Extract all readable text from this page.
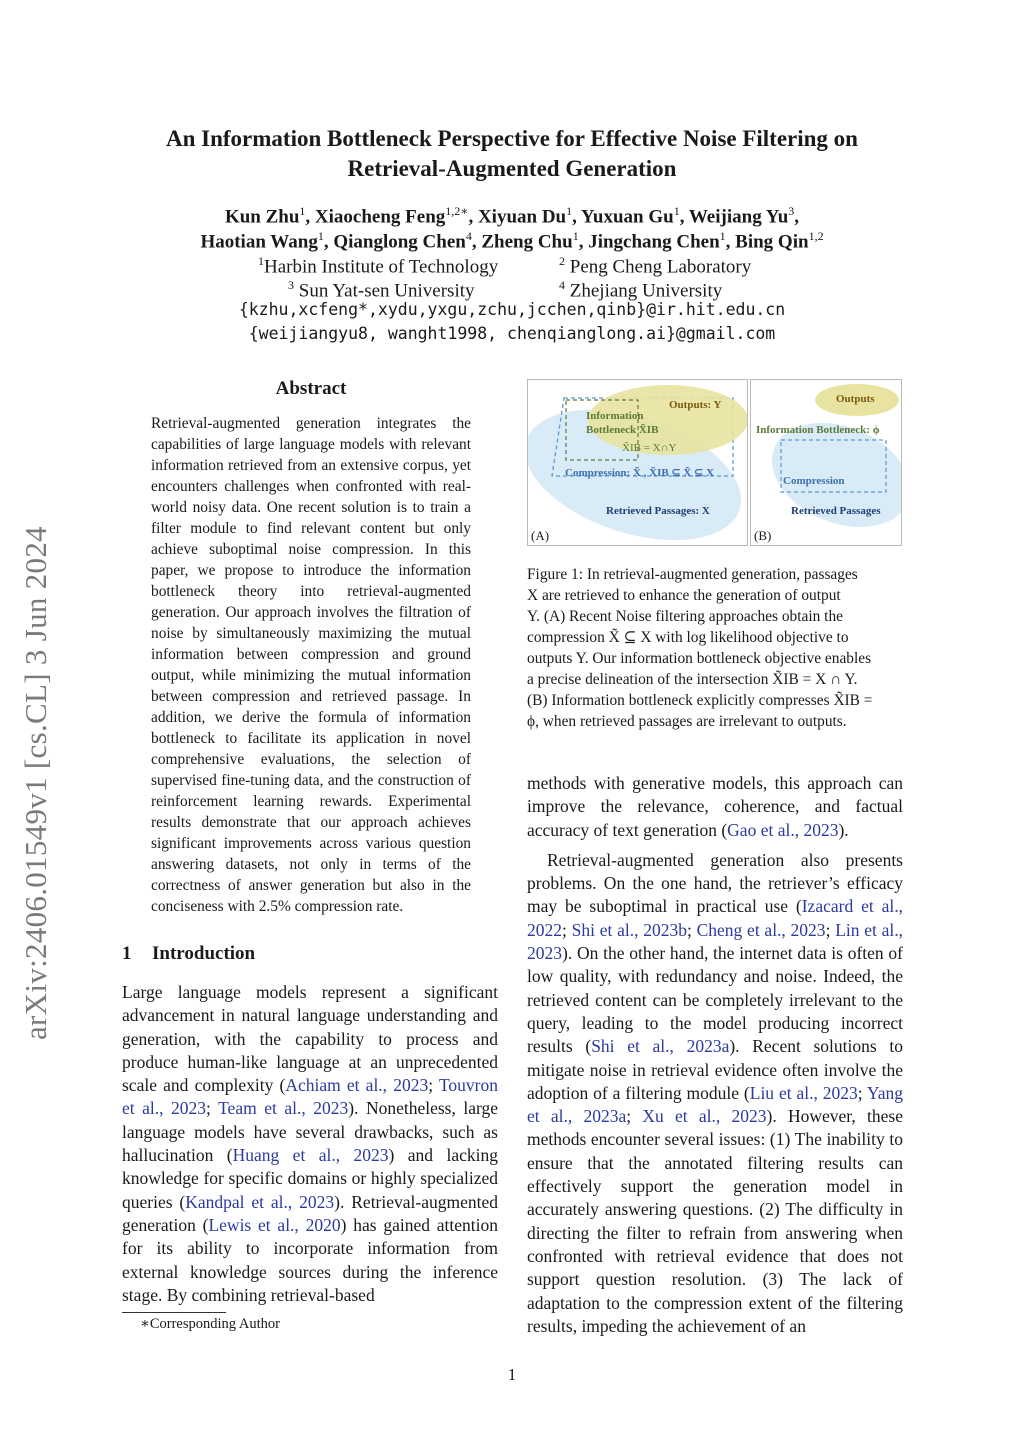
arXiv:2406.01549v1 [cs.CL] 3 Jun 2024
An Information Bottleneck Perspective for Effective Noise Filtering on
Retrieval-Augmented Generation
Kun Zhu$^1$, Xiaocheng Feng$^{1,2∗}$, Xiyuan Du$^1$, Yuxuan Gu$^1$, Weijiang Yu$^3$,
Haotian Wang$^1$, Qianglong Chen$^4$, Zheng Chu$^1$, Jingchang Chen$^1$, Bing Qin$^{1,2}$
$^1$Harbin Institute of Technology	$^2$ Peng Cheng Laboratory
$^3$ Sun Yat-sen University	$^4$ Zhejiang University
{kzhu,xcfeng*,xydu,yxgu,zchu,jcchen,qinb}@ir.hit.edu.cn
{weijiangyu8, wanght1998, chenqianglong.ai}@gmail.com
Abstract

Retrieval-augmented generation integrates the capabilities of large language models with relevant information retrieved from an extensive corpus, yet encounters challenges when confronted with real-world noisy data. One recent solution is to train a filter module to find relevant content but only achieve suboptimal noise compression. In this paper, we propose to introduce the information bottleneck theory into retrieval-augmented generation. Our approach involves the filtration of noise by simultaneously maximizing the mutual information between compression and ground output, while minimizing the mutual information between compression and retrieved passage. In addition, we derive the formula of information bottleneck to facilitate its application in novel comprehensive evaluations, the selection of supervised fine-tuning data, and the construction of reinforcement learning rewards. Experimental results demonstrate that our approach achieves significant improvements across various question answering datasets, not only in terms of the correctness of answer generation but also in the conciseness with 2.5% compression rate.

1 Introduction

Large language models represent a significant advancement in natural language understanding and generation, with the capability to process and produce human-like language at an unprecedented scale and complexity (Achiam et al., 2023; Touvron et al., 2023; Team et al., 2023). Nonetheless, large language models have several drawbacks, such as hallucination (Huang et al., 2023) and lacking knowledge for specific domains or highly specialized queries (Kandpal et al., 2023). Retrieval-augmented generation (Lewis et al., 2020) has gained attention for its ability to incorporate information from external knowledge sources during the inference stage. By combining retrieval-based

∗Corresponding Author
Outputs: Y
Information
Bottleneck X̃IB
X̃IB = X∩Y
Compression: X̃ , X̃IB ⊆ X̃ ⊆ X
Retrieved Passages: X
(A)
Outputs
Information Bottleneck: ϕ
Compression
Retrieved Passages
(B)

Figure 1: In retrieval-augmented generation, passages

X are retrieved to enhance the generation of output

Y. (A) Recent Noise filtering approaches obtain the

compression X̃ ⊆ X with log likelihood objective to

outputs Y. Our information bottleneck objective enables

a precise delineation of the intersection X̃IB = X ∩ Y.

(B) Information bottleneck explicitly compresses X̃IB =

ϕ, when retrieved passages are irrelevant to outputs.

methods with generative models, this approach can improve the relevance, coherence, and factual accuracy of text generation (Gao et al., 2023).

Retrieval-augmented generation also presents problems. On the one hand, the retriever’s efficacy may be suboptimal in practical use (Izacard et al., 2022; Shi et al., 2023b; Cheng et al., 2023; Lin et al., 2023). On the other hand, the internet data is often of low quality, with redundancy and noise. Indeed, the retrieved content can be completely irrelevant to the query, leading to the model producing incorrect results (Shi et al., 2023a). Recent solutions to mitigate noise in retrieval evidence often involve the adoption of a filtering module (Liu et al., 2023; Yang et al., 2023a; Xu et al., 2023). However, these methods encounter several issues: (1) The inability to ensure that the annotated filtering results can effectively support the generation model in accurately answering questions. (2) The difficulty in directing the filter to refrain from answering when confronted with retrieval evidence that does not support question resolution. (3) The lack of adaptation to the compression extent of the filtering results, impeding the achievement of an

1
